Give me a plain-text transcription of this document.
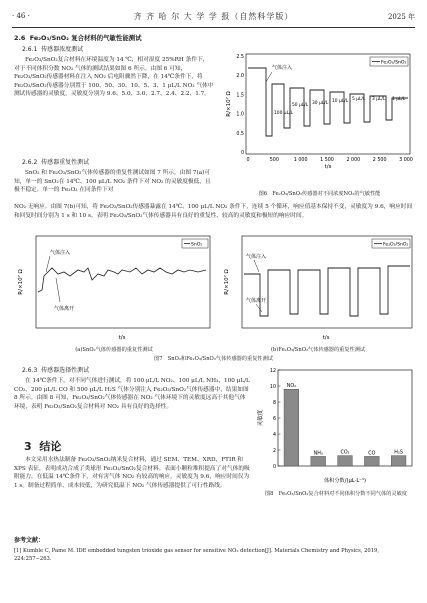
· 46 ·	齐 齐 哈 尔 大 学 学 报（自然科学版）	2025 年
2.6 Fe₂O₃/SnO₂ 复合材料的气敏性能测试
2.6.1 传感器浓度测试

Fe₂O₃/SnO₂复合材料在环境温度为 14 ℃，相对湿度 25%RH 条件下，对于不同体积分数 NO₂ 气体的测试结果如图 6 所示。由图 6 可知，Fe₂O₃/SnO₂传感器材料在注入 NO₂ 后电阻骤然下降，在 14℃条件下，将 Fe₂O₃/SnO₂传感器分别置于 100、50、30、10、5、3、1 μL/L NO₂ 气体中测试传感器的灵敏度，灵敏度分别为 9.6、5.0、3.0、2.7、2.4、2.2、1.7。	R/×10⁷ Ω
2.5
2.0
1.5
1.0
0.5
0
0	500	1 000	1 500	2 000	2 500	3 000
t/s
气体注入
100 μL/L
50 μL/L 30 μL/L 10 μL/L 5 μL/L 3 μL/L 1 μL/L
Fe₂O₃/SnO₂
图6　Fe₂O₃/SnO₂传感器对不同浓度NO₂的气敏性能
2.6.2 传感器重复性测试

SnO₂ 和 Fe₂O₃/SnO₂气体传感器的重复性测试如图 7 所示。由图 7(a)可知，单一的 SnO₂在 14℃、100 μL/L NO₂ 条件下对 NO₂ 的灵敏度极低，且极不稳定。单一的 Fe₂O₃ 在同条件下对

NO₂ 无响应。由图 7(b)可知，将 Fe₂O₃/SnO₂传感器暴露在 14℃、100 μL/L NO₂ 条件下，连续 5 个循环，响应值基本保持不变，灵敏度为 9.6，响应时间和回复时间分别为 1 s 和 10 s。表明 Fe₂O₃/SnO₂气体传感器具有良好的重复性、较高的灵敏度和极短的响应时间。

R/×10⁷ Ω
t/s
气体注入
气体离开
SnO₂
(a)SnO₂气体传感器的重复性测试
R/×10⁷ Ω
t/s
气体注入
气体离开
Fe₂O₃/SnO₂
(b)Fe₂O₃/SnO₂气体传感器的重复性测试
图7　SnO₂和Fe₂O₃/SnO₂气体传感器的重复性测试
2.6.3 传感器选择性测试

在 14℃条件下，对不同气体进行测试，将 100 μL/L NO₂、100 μL/L NH₃、100 μL/L CO₂、200 μL/L CO 和 500 μL/L H₂S 气体分别注入 Fe₂O₃/SnO₂气体传感器中，结果如图 8 所示。由图 8 可知，Fe₂O₃/SnO₂气体传感器在 NO₂ 气体环境下的灵敏度远高于其他气体环境，表明 Fe₂O₃/SnO₂复合材料对 NO₂ 具有良好的选择性。

灵敏度
体积分数/(μL·L⁻¹)
0
2
4
6
8
10
12
NO₂
NH₃	CO₂	CO	H₂S
图8　Fe₂O₃/SnO₂复合材料对不同体积分数不同气体的灵敏度
3 结论

本文采用水热法制备 Fe₂O₃/SnO₂纳米复合材料，通过 SEM、TEM、XRD、FTIR 和 XPS 表征，表明成功合成了类球形 Fe₂O₃/SnO₂复合材料。表面小颗粒堆积提高了对气体的吸附能力，在低温 14℃条件下，对有害气体 NO₂ 有较高的响应，灵敏度为 9.6，响应时间仅为 1 s。制备过程简单、成本较低，为研究低温下 NO₂ 气体传感器提供了可行性路线。

参考文献：

[1] Kumble C, Pame M. IDE embedded tungsten trioxide gas sensor for sensitive NO₂ detection[J]. Materials Chemistry and Physics, 2019, 224:257−263.
